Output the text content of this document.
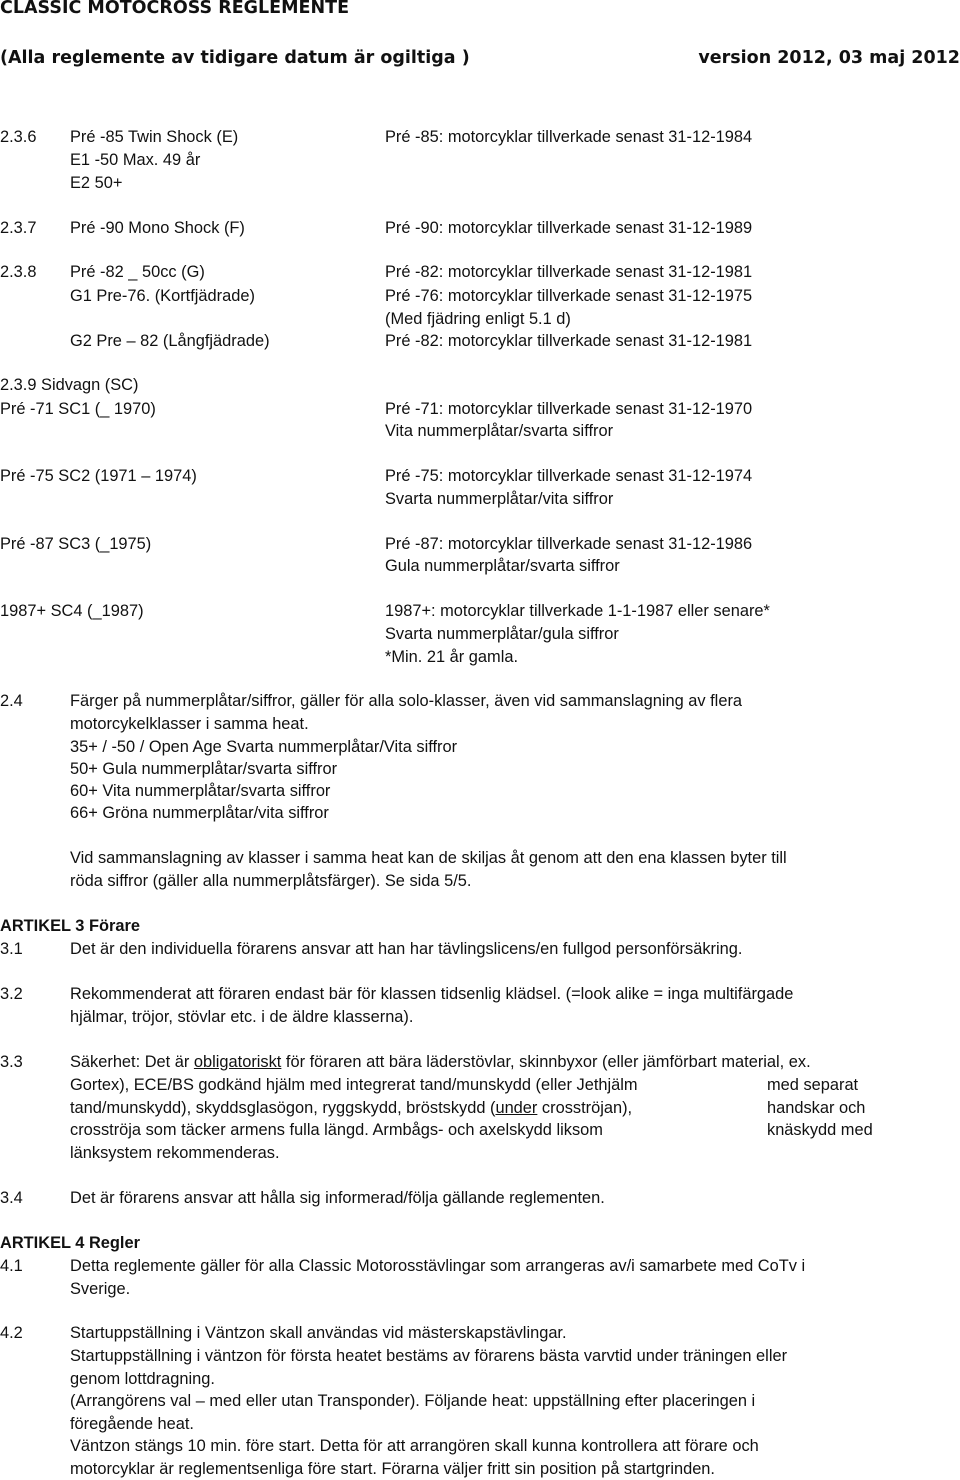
CLASSIC MOTOCROSS REGLEMENTE
(Alla reglemente av tidigare datum är ogiltiga )	version 2012, 03 maj 2012
2.3.6 Pré -85 Twin Shock (E)	Pré -85: motorcyklar tillverkade senast 31-12-1984
E1 -50 Max. 49 år
E2 50+
2.3.7 Pré -90 Mono Shock (F)	Pré -90: motorcyklar tillverkade senast 31-12-1989
2.3.8 Pré -82 _ 50cc (G)	Pré -82: motorcyklar tillverkade senast 31-12-1981
G1 Pre-76. (Kortfjädrade)	Pré -76: motorcyklar tillverkade senast 31-12-1975
(Med fjädring enligt 5.1 d)
G2 Pre – 82 (Långfjädrade)	Pré -82: motorcyklar tillverkade senast 31-12-1981
2.3.9 Sidvagn (SC)
Pré -71 SC1 (_ 1970)	Pré -71: motorcyklar tillverkade senast 31-12-1970
Vita nummerplåtar/svarta siffror
Pré -75 SC2 (1971 – 1974)	Pré -75: motorcyklar tillverkade senast 31-12-1974
Svarta nummerplåtar/vita siffror
Pré -87 SC3 (_1975)	Pré -87: motorcyklar tillverkade senast 31-12-1986
Gula nummerplåtar/svarta siffror
1987+ SC4 (_1987)	1987+: motorcyklar tillverkade 1-1-1987 eller senare*
Svarta nummerplåtar/gula siffror
*Min. 21 år gamla.
2.4	Färger på nummerplåtar/siffror, gäller för alla solo-klasser, även vid sammanslagning av flera
motorcykelklasser i samma heat.
35+ / -50 / Open Age Svarta nummerplåtar/Vita siffror
50+ Gula nummerplåtar/svarta siffror
60+ Vita nummerplåtar/svarta siffror
66+ Gröna nummerplåtar/vita siffror
Vid sammanslagning av klasser i samma heat kan de skiljas åt genom att den ena klassen byter till
röda siffror (gäller alla nummerplåtsfärger). Se sida 5/5.
ARTIKEL 3 Förare
3.1	Det är den individuella förarens ansvar att han har tävlingslicens/en fullgod personförsäkring.
3.2	Rekommenderat att föraren endast bär för klassen tidsenlig klädsel. (=look alike = inga multifärgade
hjälmar, tröjor, stövlar etc. i de äldre klasserna).
3.3	Säkerhet: Det är obligatoriskt för föraren att bära läderstövlar, skinnbyxor (eller jämförbart material, ex.
Gortex), ECE/BS godkänd hjälm med integrerat tand/munskydd (eller Jethjälm	med separat
tand/munskydd), skyddsglasögon, ryggskydd, bröstskydd (under crosströjan),	handskar och
crosströja som täcker armens fulla längd. Armbågs- och axelskydd liksom	knäskydd med
länksystem rekommenderas.
3.4	Det är förarens ansvar att hålla sig informerad/följa gällande reglementen.
ARTIKEL 4 Regler
4.1	Detta reglemente gäller för alla Classic Motorosstävlingar som arrangeras av/i samarbete med CoTv i
Sverige.
4.2	Startuppställning i Väntzon skall användas vid mästerskapstävlingar.
Startuppställning i väntzon för första heatet bestäms av förarens bästa varvtid under träningen eller
genom lottdragning.
(Arrangörens val – med eller utan Transponder). Följande heat: uppställning efter placeringen i
föregående heat.
Väntzon stängs 10 min. före start. Detta för att arrangören skall kunna kontrollera att förare och
motorcyklar är reglementsenliga före start. Förarna väljer fritt sin position på startgrinden.
